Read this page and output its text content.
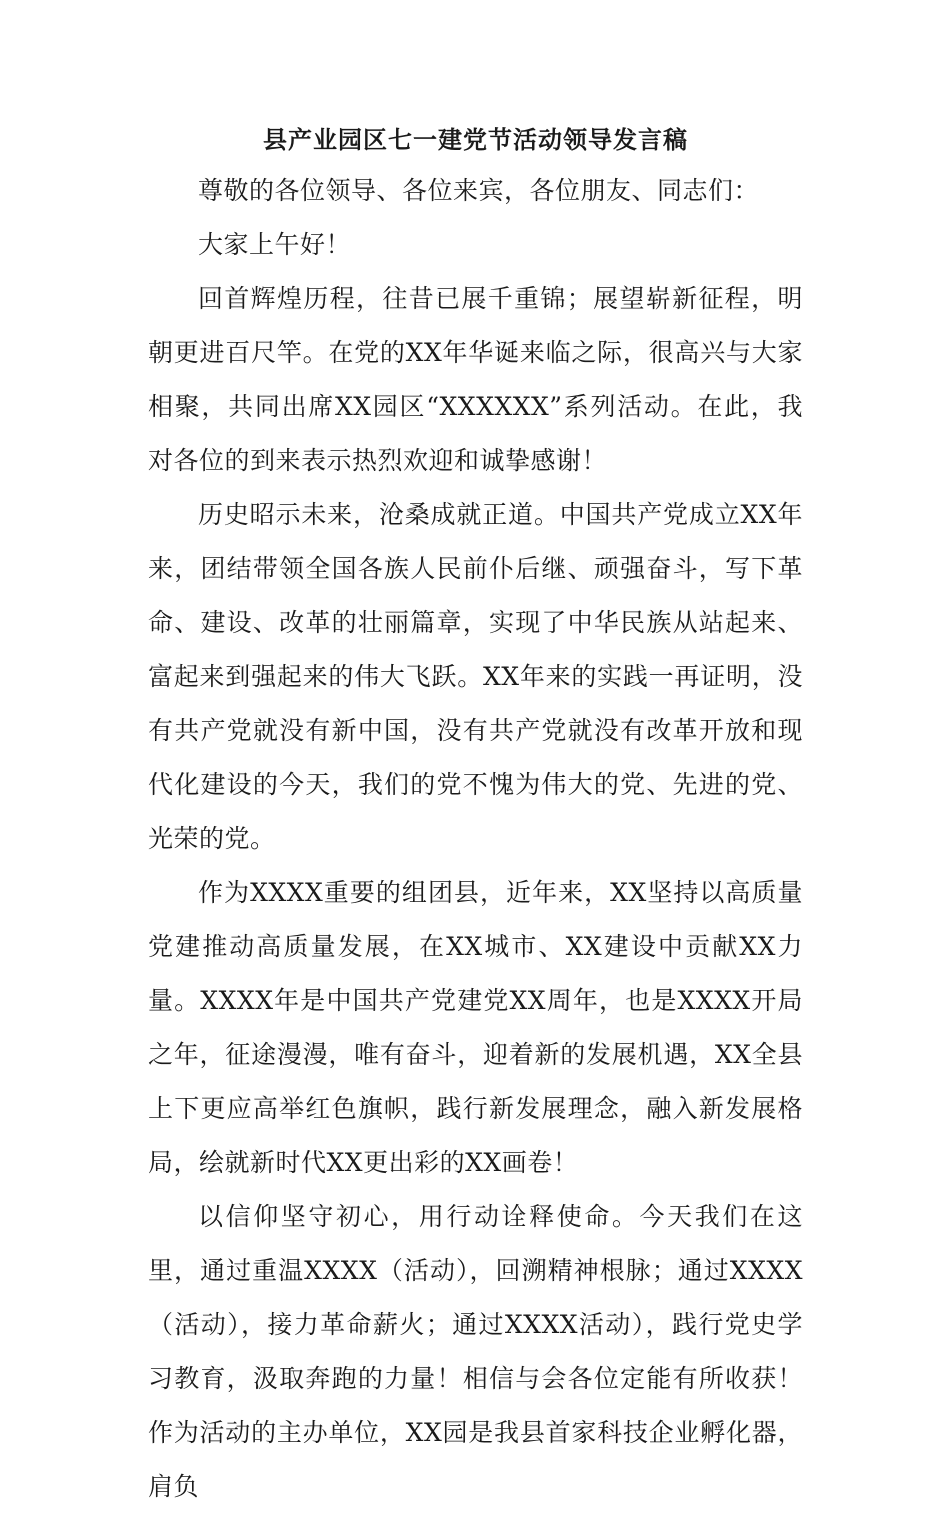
县产业园区七一建党节活动领导发言稿

尊敬的各位领导、各位来宾，各位朋友、同志们：

大家上午好！

回首辉煌历程，往昔已展千重锦；展望崭新征程，明朝更进百尺竿。在党的XX年华诞来临之际，很高兴与大家相聚，共同出席XX园区“XXXXXX”系列活动。在此，我对各位的到来表示热烈欢迎和诚挚感谢！

历史昭示未来，沧桑成就正道。中国共产党成立XX年来，团结带领全国各族人民前仆后继、顽强奋斗，写下革命、建设、改革的壮丽篇章，实现了中华民族从站起来、富起来到强起来的伟大飞跃。XX年来的实践一再证明，没有共产党就没有新中国，没有共产党就没有改革开放和现代化建设的今天，我们的党不愧为伟大的党、先进的党、光荣的党。

作为XXXX重要的组团县，近年来，XX坚持以高质量党建推动高质量发展，在XX城市、XX建设中贡献XX力量。XXXX年是中国共产党建党XX周年，也是XXXX开局之年，征途漫漫，唯有奋斗，迎着新的发展机遇，XX全县上下更应高举红色旗帜，践行新发展理念，融入新发展格局，绘就新时代XX更出彩的XX画卷！

以信仰坚守初心，用行动诠释使命。今天我们在这里，通过重温XXXX（活动），回溯精神根脉；通过XXXX（活动），接力革命薪火；通过XXXX活动），践行党史学习教育，汲取奔跑的力量！相信与会各位定能有所收获！作为活动的主办单位，XX园是我县首家科技企业孵化器，肩负
